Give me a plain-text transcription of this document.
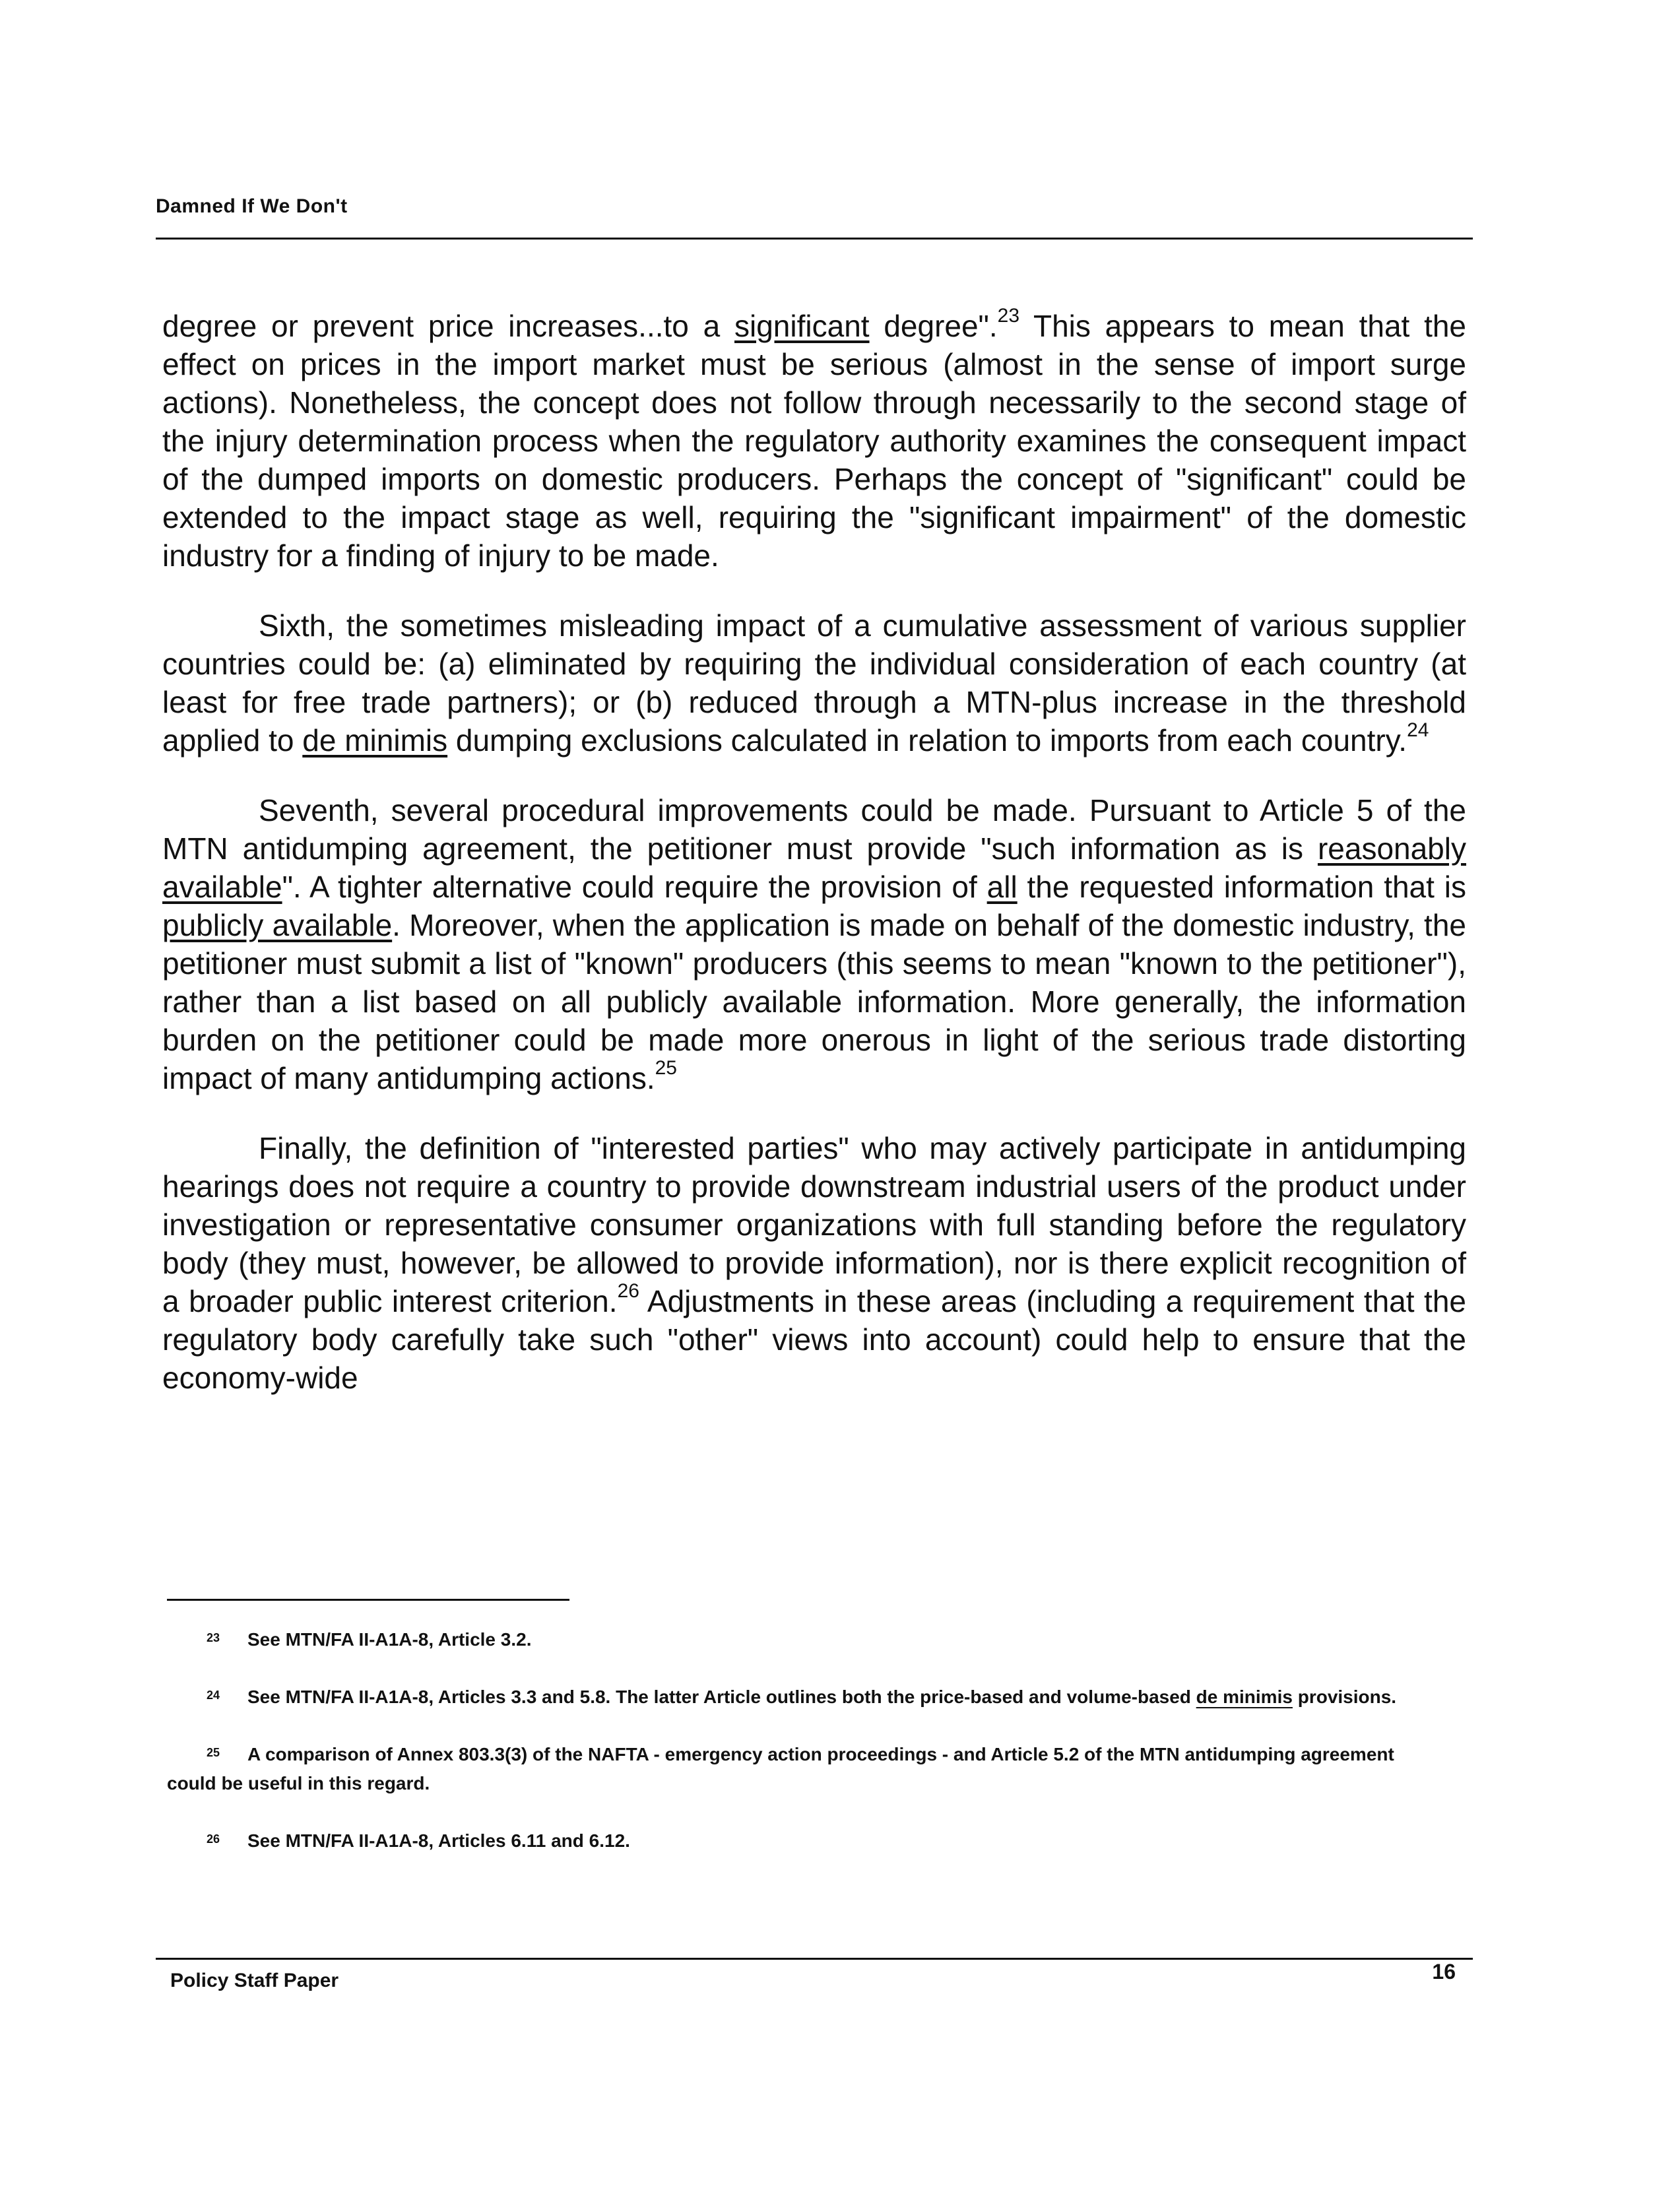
Damned If We Don't

degree or prevent price increases...to a significant degree".$^{23}$ This appears to mean that the effect on prices in the import market must be serious (almost in the sense of import surge actions). Nonetheless, the concept does not follow through necessarily to the second stage of the injury determination process when the regulatory authority examines the consequent impact of the dumped imports on domestic producers. Perhaps the concept of "significant" could be extended to the impact stage as well, requiring the "significant impairment" of the domestic industry for a finding of injury to be made.

Sixth, the sometimes misleading impact of a cumulative assessment of various supplier countries could be: (a) eliminated by requiring the individual consideration of each country (at least for free trade partners); or (b) reduced through a MTN-plus increase in the threshold applied to de minimis dumping exclusions calculated in relation to imports from each country.$^{24}$

Seventh, several procedural improvements could be made. Pursuant to Article 5 of the MTN antidumping agreement, the petitioner must provide "such information as is reasonably available". A tighter alternative could require the provision of all the requested information that is publicly available. Moreover, when the application is made on behalf of the domestic industry, the petitioner must submit a list of "known" producers (this seems to mean "known to the petitioner"), rather than a list based on all publicly available information. More generally, the information burden on the petitioner could be made more onerous in light of the serious trade distorting impact of many antidumping actions.$^{25}$

Finally, the definition of "interested parties" who may actively participate in antidumping hearings does not require a country to provide downstream industrial users of the product under investigation or representative consumer organizations with full standing before the regulatory body (they must, however, be allowed to provide information), nor is there explicit recognition of a broader public interest criterion.$^{26}$ Adjustments in these areas (including a requirement that the regulatory body carefully take such "other" views into account) could help to ensure that the economy-wide

23 See MTN/FA II-A1A-8, Article 3.2.
24 See MTN/FA II-A1A-8, Articles 3.3 and 5.8. The latter Article outlines both the price-based and volume-based de minimis provisions.
25 A comparison of Annex 803.3(3) of the NAFTA - emergency action proceedings - and Article 5.2 of the MTN antidumping agreement could be useful in this regard.
26 See MTN/FA II-A1A-8, Articles 6.11 and 6.12.
Policy Staff Paper	16
